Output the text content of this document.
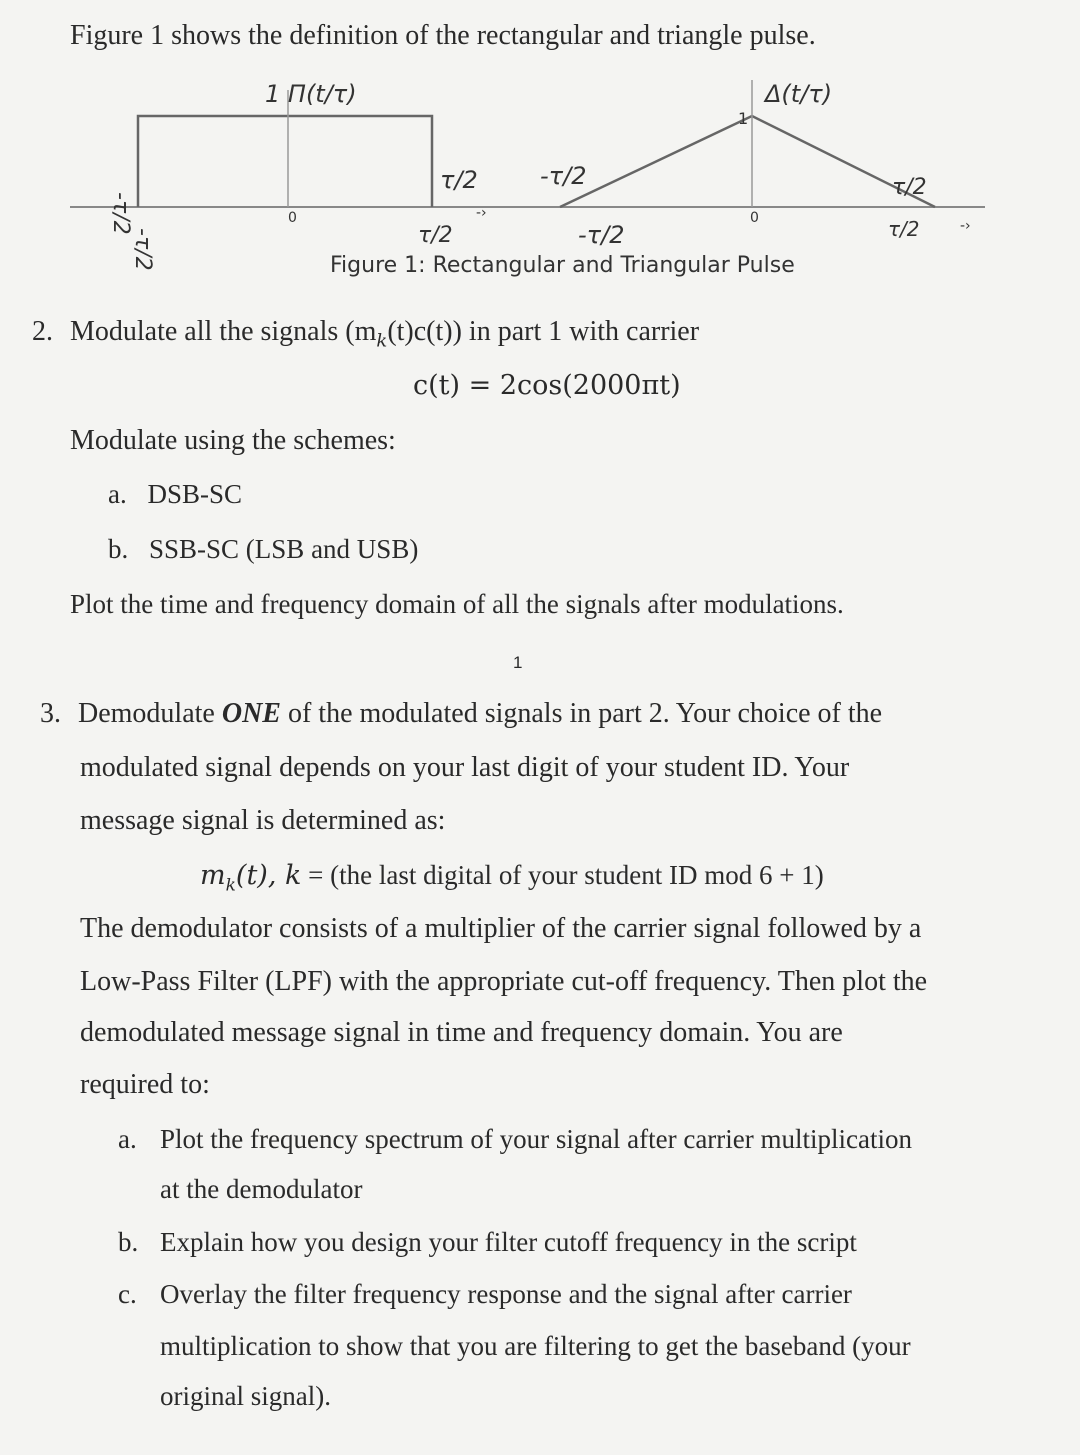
Figure 1 shows the definition of the rectangular and triangle pulse.
‑›
‑›
1 Π(t/τ)	Δ(t/τ)
1
τ/2	-τ/2	τ/2
0
τ/2
0
-τ/2	τ/2
-τ/2
-τ/2	Figure 1: Rectangular and Triangular Pulse
2. Modulate all the signals $(m_k(t)c(t))$ in part 1 with carrier
c(t) = 2cos(2000πt)
Modulate using the schemes:
a. DSB-SC
b. SSB-SC (LSB and USB)
Plot the time and frequency domain of all the signals after modulations.
1
3. Demodulate ONE of the modulated signals in part 2. Your choice of the
modulated signal depends on your last digit of your student ID. Your
message signal is determined as:
$m_k(t)$, k = (the last digital of your student ID mod 6 + 1)
The demodulator consists of a multiplier of the carrier signal followed by a
Low-Pass Filter (LPF) with the appropriate cut-off frequency. Then plot the
demodulated message signal in time and frequency domain. You are
required to:
a. Plot the frequency spectrum of your signal after carrier multiplication
at the demodulator
b. Explain how you design your filter cutoff frequency in the script
c. Overlay the filter frequency response and the signal after carrier
multiplication to show that you are filtering to get the baseband (your
original signal).
